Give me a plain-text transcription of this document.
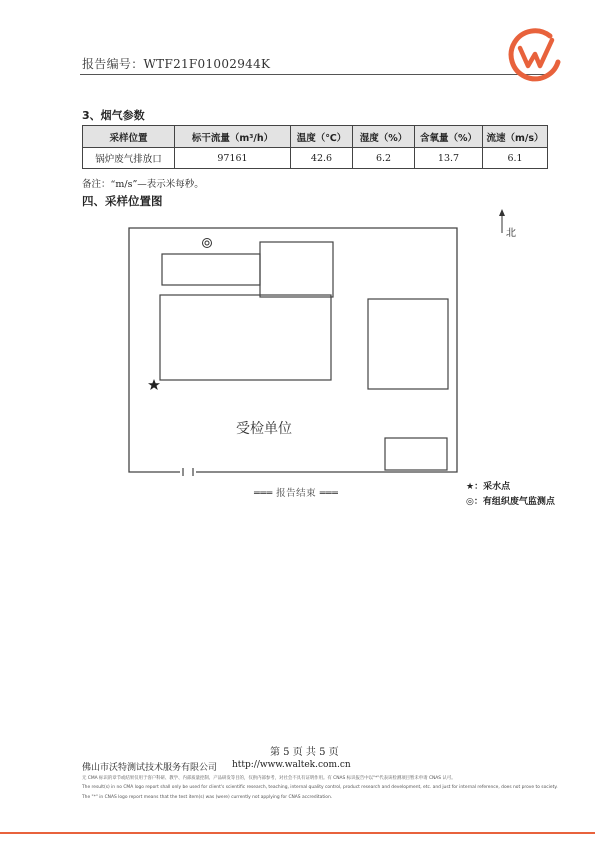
报告编号：WTF21F01002944K
3、烟气参数
采样位置	标干流量（m³/h）	温度（℃）	湿度（%）	含氧量（%）	流速（m/s）
锅炉废气排放口	97161	42.6	6.2	13.7	6.1
备注：“m/s”—表示米每秒。
四、采样位置图
北
受检单位
═══ 报告结束 ═══
★：采水点
◎：有组织废气监测点
第 5 页 共 5 页
佛山市沃特测试技术服务有限公司 http://www.waltek.com.cn
无 CMA 标识的章节或结果仅用于客户科研、教学、内部质量控制、产品研发等目的，仅供内部参考，对社会不具有证明作用。有 CNAS 标识报告中以"*"代表该检测项目暂未申请 CNAS 认可。
The result(s) in no CMA logo report shall only be used for client's scientific research, teaching, internal quality control, product research and development, etc. and just for internal reference, does not prove to society.
The "*" in CNAS logo report means that the test item(s) was (were) currently not applying for CNAS accreditation.
